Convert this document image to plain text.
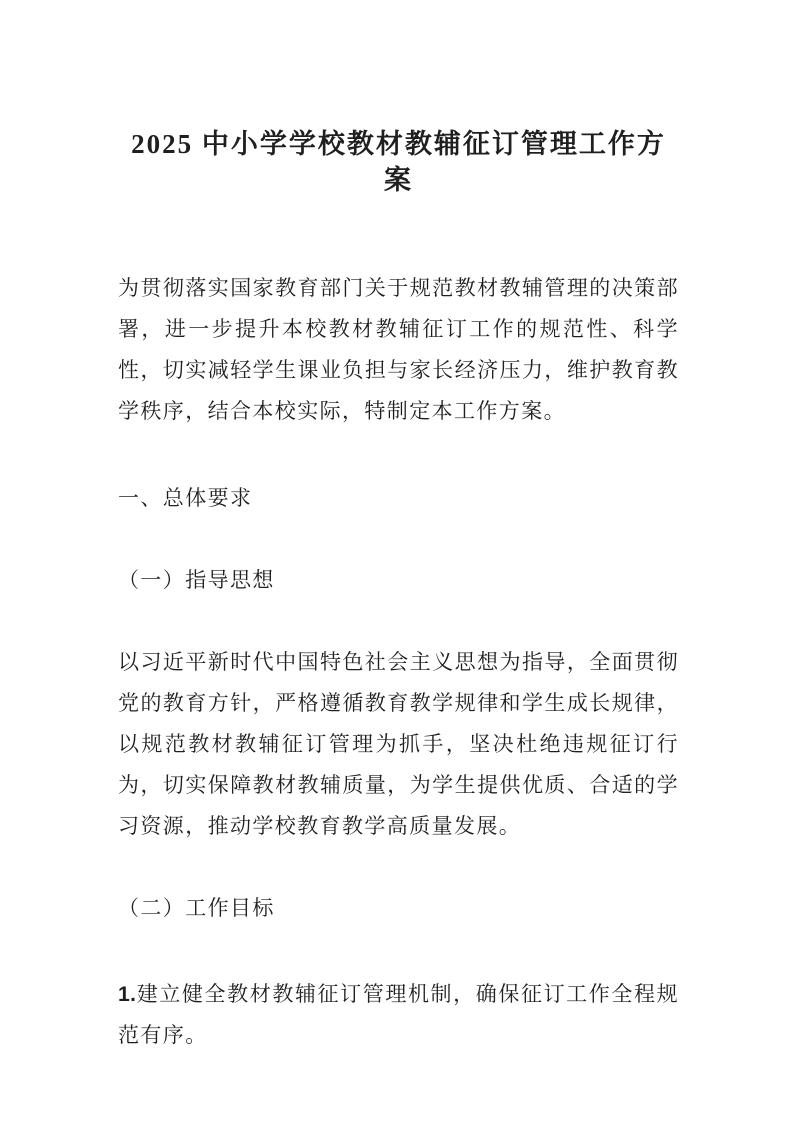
2025 中小学学校教材教辅征订管理工作方案

为贯彻落实国家教育部门关于规范教材教辅管理的决策部署，进一步提升本校教材教辅征订工作的规范性、科学性，切实减轻学生课业负担与家长经济压力，维护教育教学秩序，结合本校实际，特制定本工作方案。

一、总体要求
（一）指导思想

以习近平新时代中国特色社会主义思想为指导，全面贯彻党的教育方针，严格遵循教育教学规律和学生成长规律，以规范教材教辅征订管理为抓手，坚决杜绝违规征订行为，切实保障教材教辅质量，为学生提供优质、合适的学习资源，推动学校教育教学高质量发展。

（二）工作目标

1.建立健全教材教辅征订管理机制，确保征订工作全程规范有序。
